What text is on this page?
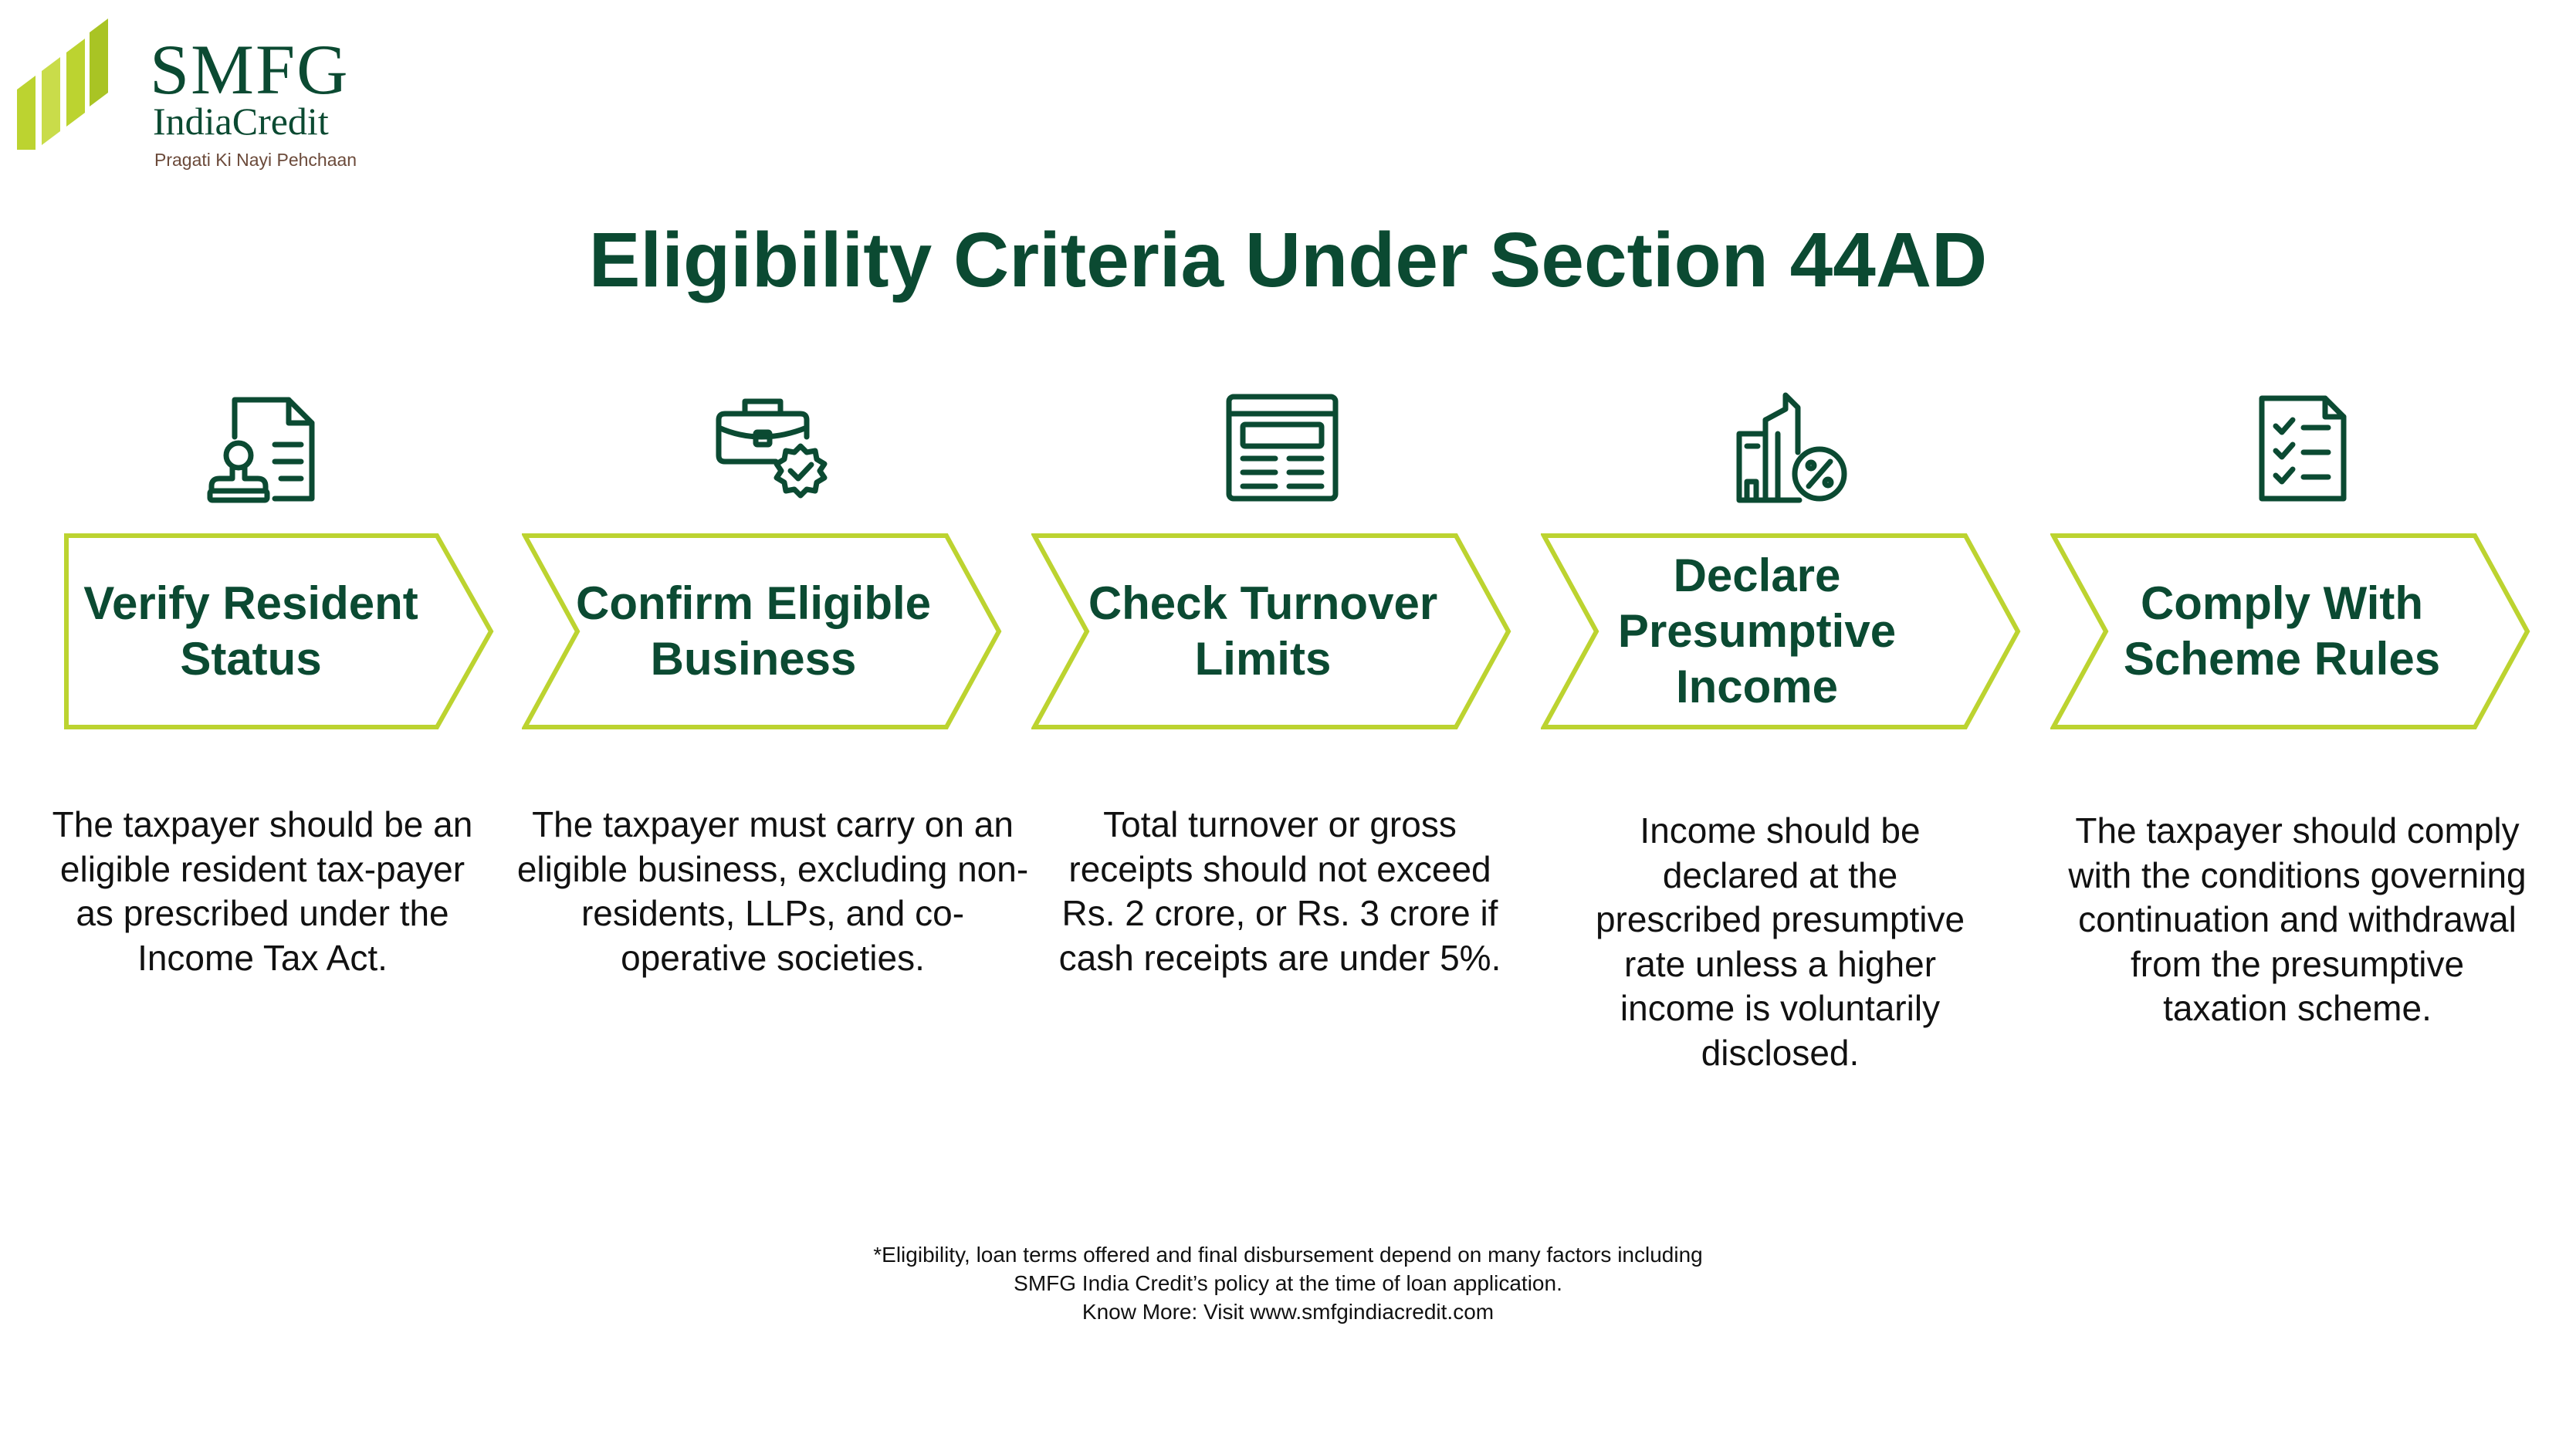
SMFG
IndiaCredit
Pragati Ki Nayi Pehchaan
Eligibility Criteria Under Section 44AD
Verify Resident Status
Confirm Eligible Business
Check Turnover Limits
Declare Presumptive Income
Comply With Scheme Rules

The taxpayer should be an eligible resident tax-payer as prescribed under the Income Tax Act.

The taxpayer must carry on an eligible business, excluding non-residents, LLPs, and co-operative societies.

Total turnover or gross receipts should not exceed Rs. 2 crore, or Rs. 3 crore if cash receipts are under 5%.

Income should be declared at the prescribed presumptive rate unless a higher income is voluntarily disclosed.

The taxpayer should comply with the conditions governing continuation and withdrawal from the presumptive taxation scheme.

*Eligibility, loan terms offered and final disbursement depend on many factors including
SMFG India Credit’s policy at the time of loan application.
Know More: Visit www.smfgindiacredit.com
